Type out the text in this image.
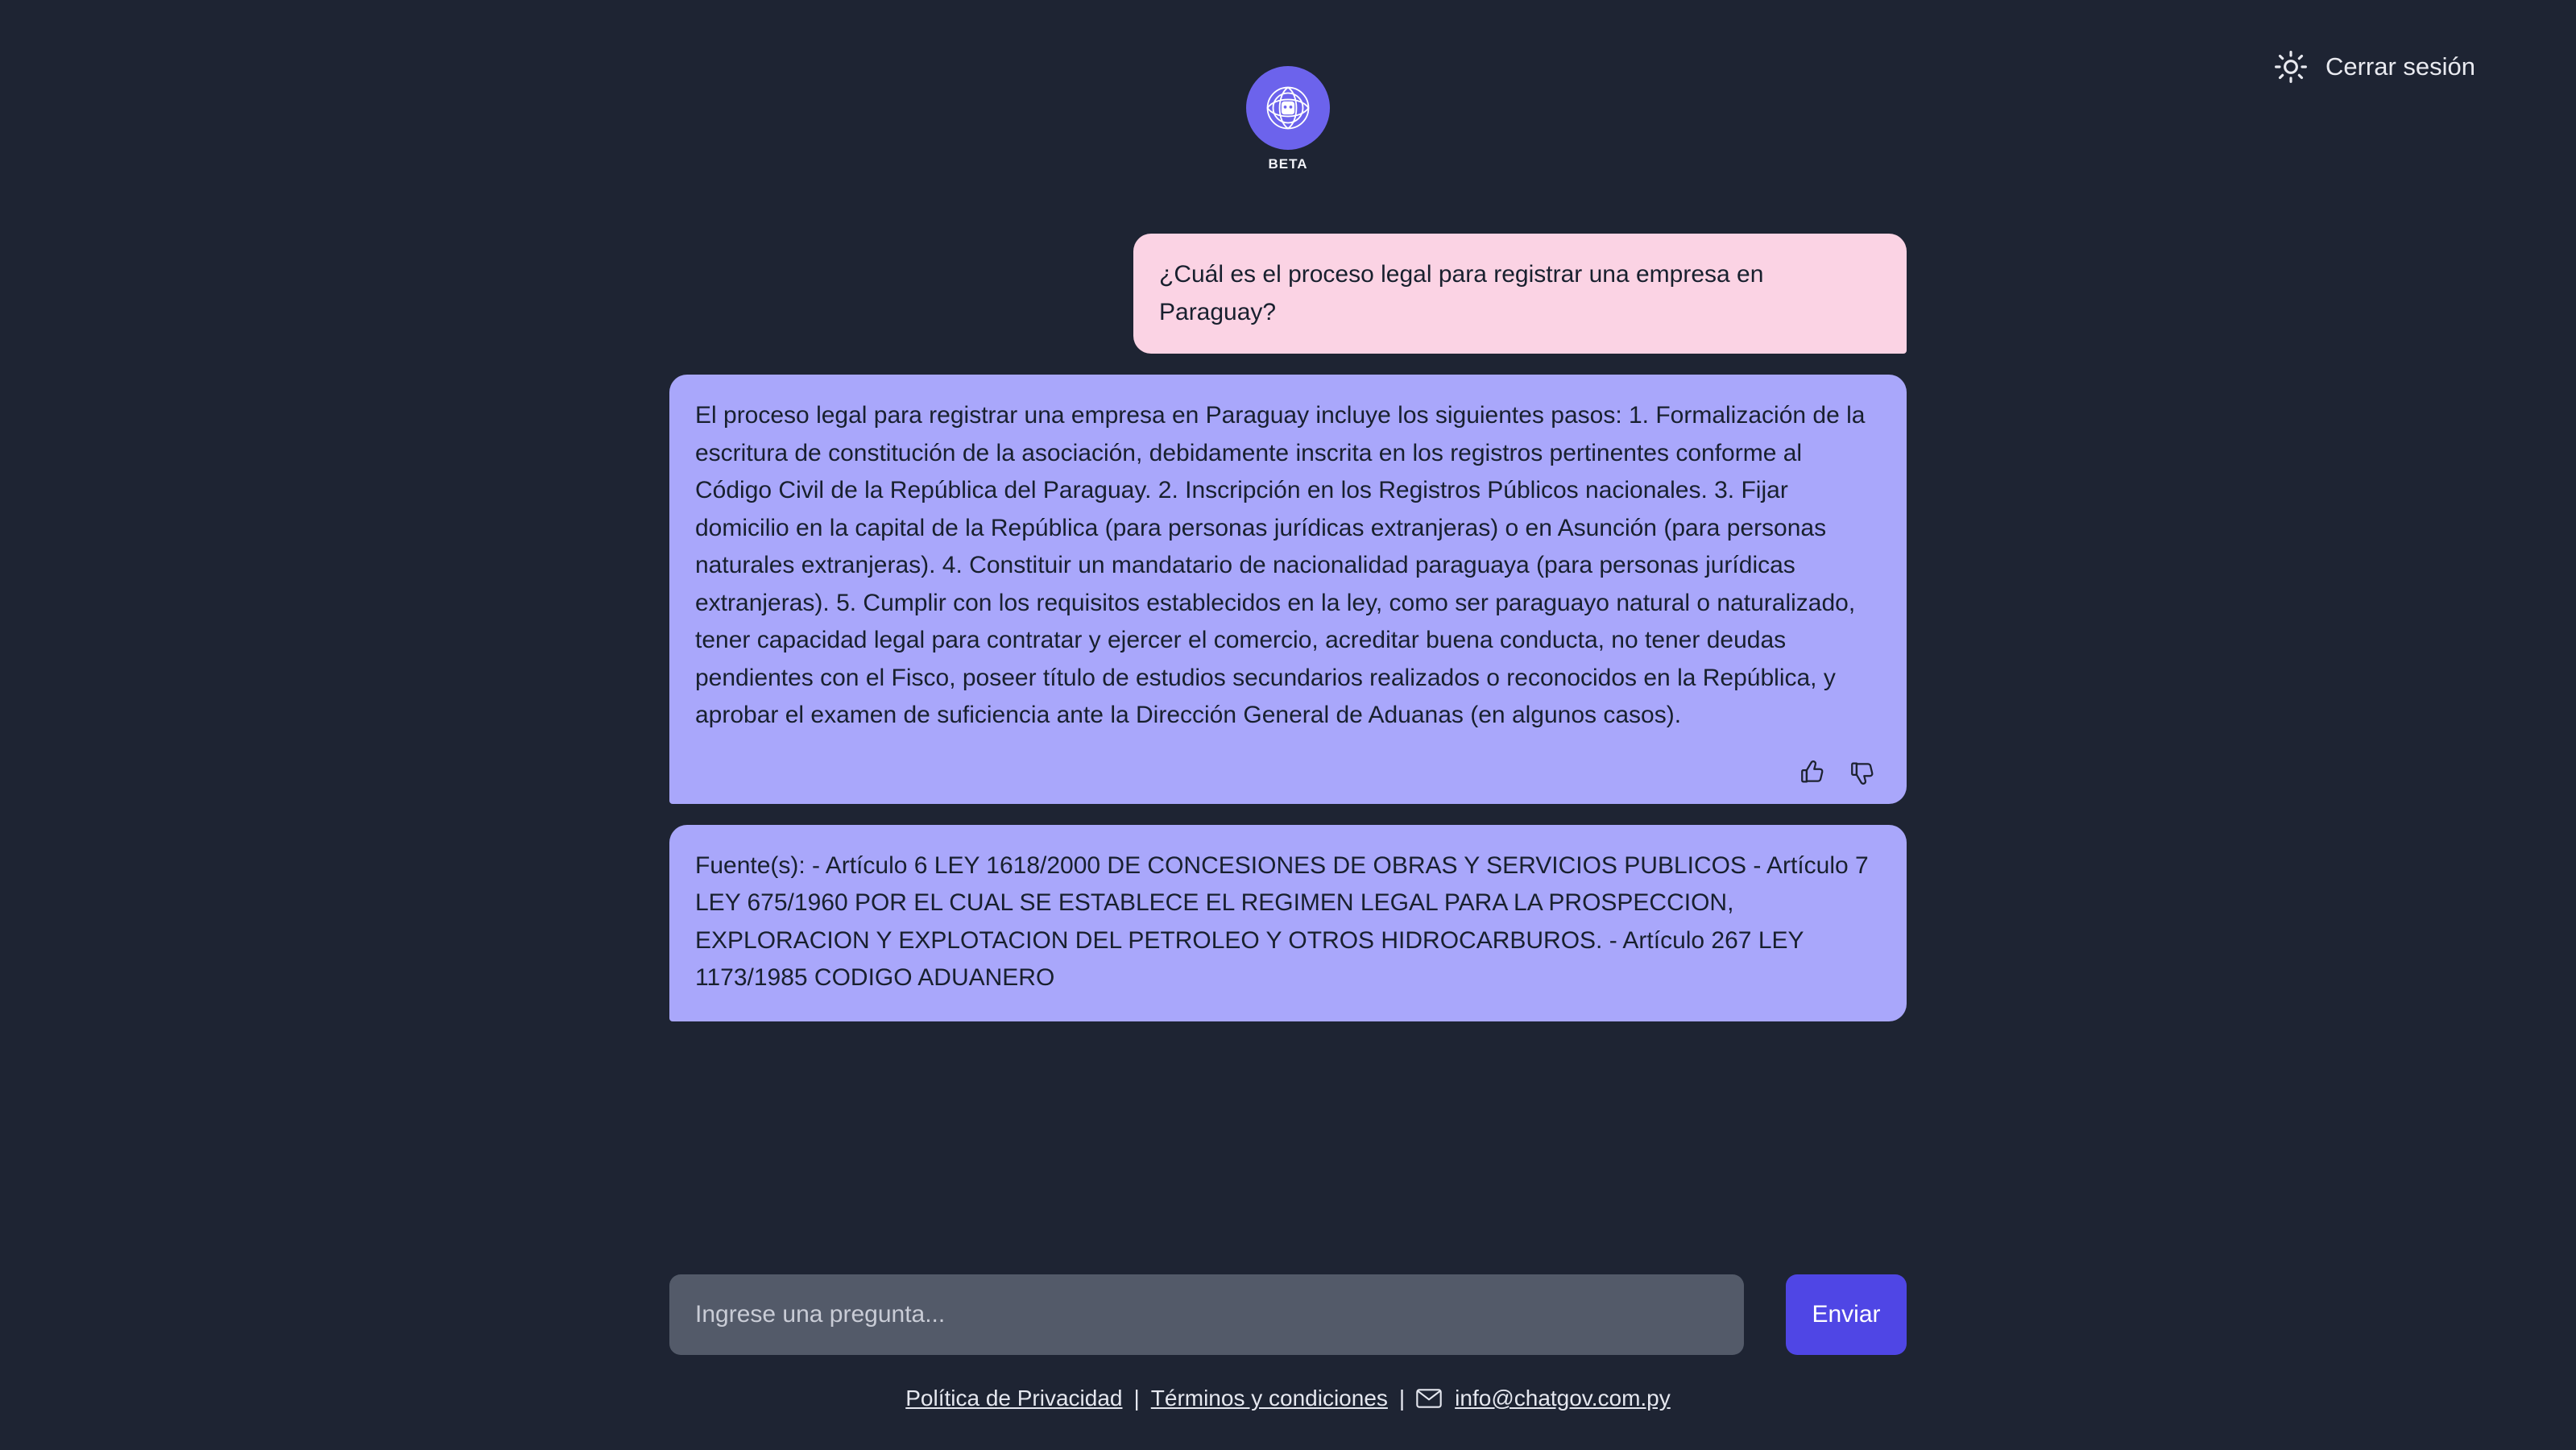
Cerrar sesión
BETA
¿Cuál es el proceso legal para registrar una empresa en Paraguay?
El proceso legal para registrar una empresa en Paraguay incluye los siguientes pasos: 1. Formalización de la escritura de constitución de la asociación, debidamente inscrita en los registros pertinentes conforme al Código Civil de la República del Paraguay. 2. Inscripción en los Registros Públicos nacionales. 3. Fijar domicilio en la capital de la República (para personas jurídicas extranjeras) o en Asunción (para personas naturales extranjeras). 4. Constituir un mandatario de nacionalidad paraguaya (para personas jurídicas extranjeras). 5. Cumplir con los requisitos establecidos en la ley, como ser paraguayo natural o naturalizado, tener capacidad legal para contratar y ejercer el comercio, acreditar buena conducta, no tener deudas pendientes con el Fisco, poseer título de estudios secundarios realizados o reconocidos en la República, y aprobar el examen de suficiencia ante la Dirección General de Aduanas (en algunos casos).
Fuente(s): - Artículo 6 LEY 1618/2000 DE CONCESIONES DE OBRAS Y SERVICIOS PUBLICOS - Artículo 7 LEY 675/1960 POR EL CUAL SE ESTABLECE EL REGIMEN LEGAL PARA LA PROSPECCION, EXPLORACION Y EXPLOTACION DEL PETROLEO Y OTROS HIDROCARBUROS. - Artículo 267 LEY 1173/1985 CODIGO ADUANERO
Ingrese una pregunta...
Enviar
Política de Privacidad | Términos y condiciones | info@chatgov.com.py
